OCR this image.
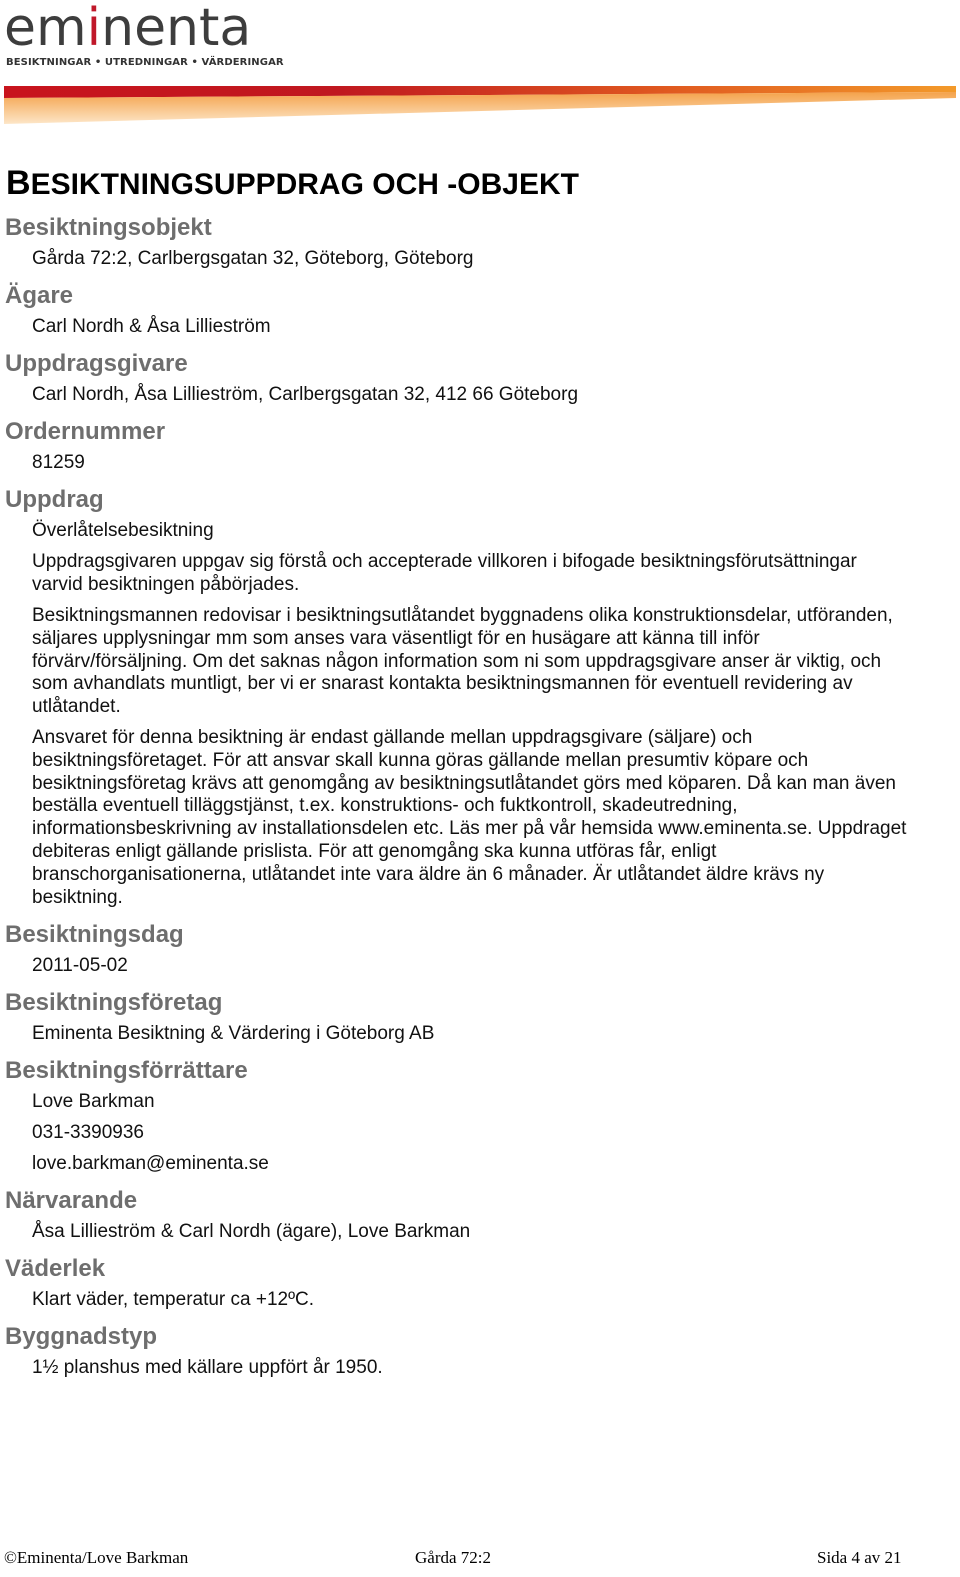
eminenta
BESIKTNINGAR • UTREDNINGAR • VÄRDERINGAR
BESIKTNINGSUPPDRAG OCH -OBJEKT
Besiktningsobjekt

Gårda 72:2, Carlbergsgatan 32, Göteborg, Göteborg

Ägare

Carl Nordh & Åsa Lillieström

Uppdragsgivare

Carl Nordh, Åsa Lillieström, Carlbergsgatan 32, 412 66 Göteborg

Ordernummer

81259

Uppdrag

Överlåtelsebesiktning

Uppdragsgivaren uppgav sig förstå och accepterade villkoren i bifogade besiktningsförutsättningar varvid besiktningen påbörjades.

Besiktningsmannen redovisar i besiktningsutlåtandet byggnadens olika konstruktionsdelar, utföranden, säljares upplysningar mm som anses vara väsentligt för en husägare att känna till inför förvärv/försäljning. Om det saknas någon information som ni som uppdragsgivare anser är viktig, och som avhandlats muntligt, ber vi er snarast kontakta besiktningsmannen för eventuell revidering av utlåtandet.

Ansvaret för denna besiktning är endast gällande mellan uppdragsgivare (säljare) och besiktningsföretaget. För att ansvar skall kunna göras gällande mellan presumtiv köpare och besiktningsföretag krävs att genomgång av besiktningsutlåtandet görs med köparen. Då kan man även beställa eventuell tilläggstjänst, t.ex. konstruktions- och fuktkontroll, skadeutredning, informationsbeskrivning av installationsdelen etc. Läs mer på vår hemsida www.eminenta.se. Uppdraget debiteras enligt gällande prislista. För att genomgång ska kunna utföras får, enligt branschorganisationerna, utlåtandet inte vara äldre än 6 månader. Är utlåtandet äldre krävs ny besiktning.

Besiktningsdag

2011-05-02

Besiktningsföretag

Eminenta Besiktning & Värdering i Göteborg AB

Besiktningsförrättare

Love Barkman

031-3390936

love.barkman@eminenta.se

Närvarande

Åsa Lillieström & Carl Nordh (ägare), Love Barkman

Väderlek

Klart väder, temperatur ca +12ºC.

Byggnadstyp

1½ planshus med källare uppfört år 1950.

©Eminenta/Love Barkman	Gårda 72:2	Sida 4 av 21
